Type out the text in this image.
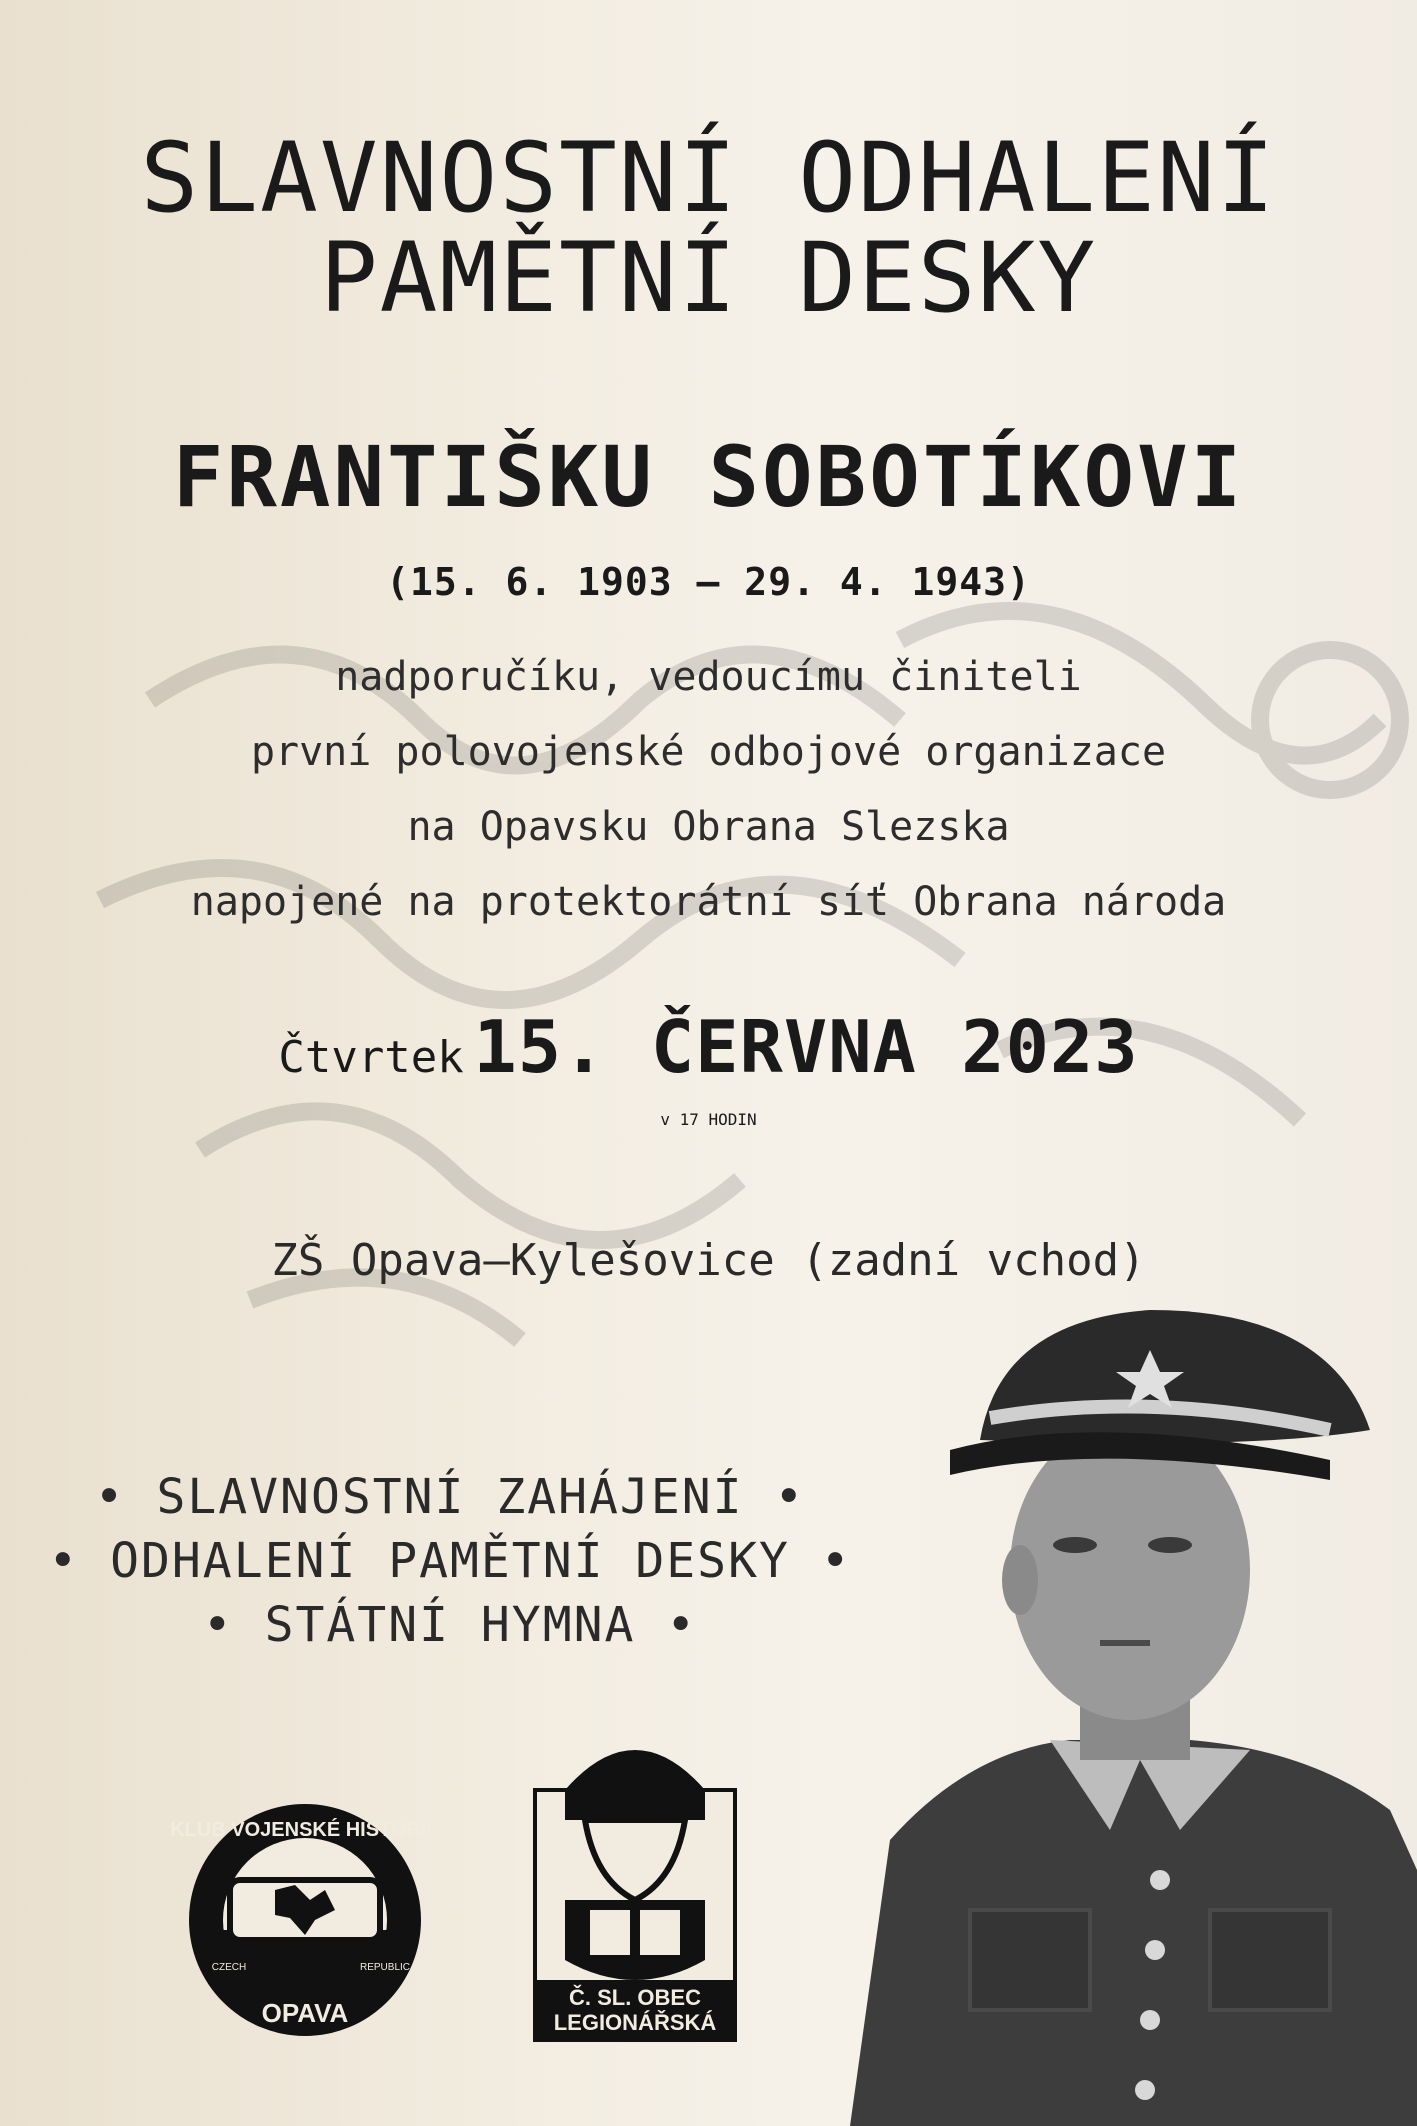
SLAVNOSTNÍ ODHALENÍ
PAMĚTNÍ DESKY
FRANTIŠKU SOBOTÍKOVI
(15. 6. 1903 – 29. 4. 1943)
nadporučíku, vedoucímu činiteli
první polovojenské odbojové organizace
na Opavsku Obrana Slezska
napojené na protektorátní síť Obrana národa
Čtvrtek 15. ČERVNA 2023
v 17 HODIN
ZŠ Opava–Kylešovice (zadní vchod)
• SLAVNOSTNÍ ZAHÁJENÍ •
• ODHALENÍ PAMĚTNÍ DESKY •
• STÁTNÍ HYMNA •
KLUB VOJENSKÉ HISTORIE
OPAVA
CZECH	REPUBLIC
Č. SL. OBEC
LEGIONÁŘSKÁ
